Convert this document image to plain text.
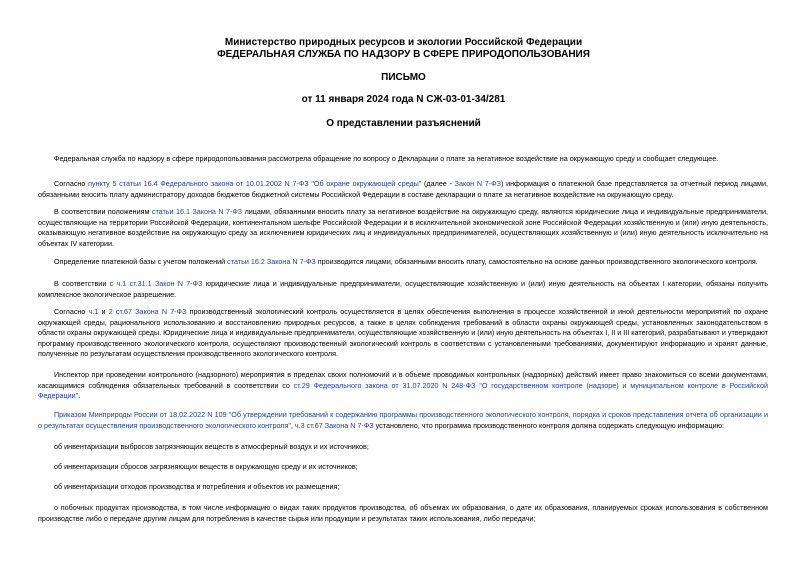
Министерство природных ресурсов и экологии Российской Федерации
ФЕДЕРАЛЬНАЯ СЛУЖБА ПО НАДЗОРУ В СФЕРЕ ПРИРОДОПОЛЬЗОВАНИЯ
ПИСЬМО
от 11 января 2024 года N СЖ-03-01-34/281
О представлении разъяснений

Федеральная служба по надзору в сфере природопользования рассмотрела обращение по вопросу о Декларации о плате за негативное воздействие на окружающую среду и сообщает следующее.

Согласно пункту 5 статьи 16.4 Федерального закона от 10.01.2002 N 7-ФЗ "Об охране окружающей среды" (далее - Закон N 7-ФЗ) информация о платежной базе представляется за отчетный период лицами, обязанными вносить плату администратору доходов бюджетов бюджетной системы Российской Федерации в составе декларации о плате за негативное воздействие на окружающую среду.

В соответствии положениям статьи 16.1 Закона N 7-ФЗ лицами, обязанными вносить плату за негативное воздействие на окружающую среду, являются юридические лица и индивидуальные предприниматели, осуществляющие на территории Российской Федерации, континентальном шельфе Российской Федерации и в исключительной экономической зоне Российской Федерации хозяйственную и (или) иную деятельность, оказывающую негативное воздействие на окружающую среду за исключением юридических лиц и индивидуальных предпринимателей, осуществляющих хозяйственную и (или) иную деятельность исключительно на объектах IV категории.

Определение платежной базы с учетом положений статьи 16.2 Закона N 7-ФЗ производится лицами, обязанными вносить плату, самостоятельно на основе данных производственного экологического контроля.

В соответствии с ч.1 ст.31.1 Закон N 7-ФЗ юридические лица и индивидуальные предприниматели, осуществляющие хозяйственную и (или) иную деятельность на объектах I категории, обязаны получить комплексное экологическое разрешение.

Согласно ч.1 и 2 ст.67 Закона N 7-ФЗ производственный экологический контроль осуществляется в целях обеспечения выполнения в процессе хозяйственной и иной деятельности мероприятий по охране окружающей среды, рационального использованию и восстановлению природных ресурсов, а также в целях соблюдения требований в области охраны окружающей среды, установленных законодательством в области охраны окружающей среды. Юридические лица и индивидуальные предприниматели, осуществляющие хозяйственную и (или) иную деятельность на объектах I, II и III категорий, разрабатывают и утверждают программу производственного экологического контроля, осуществляют производственный экологический контроль в соответствии с установленными требованиями, документируют информацию и хранят данные, полученные по результатам осуществления производственного экологического контроля.

Инспектор при проведении контрольного (надзорного) мероприятия в пределах своих полномочий и в объеме проводимых контрольных (надзорных) действий имеет право знакомиться со всеми документами, касающимися соблюдения обязательных требований в соответствии со ст.29 Федерального закона от 31.07.2020 N 248-ФЗ "О государственном контроле (надзоре) и муниципальном контроле в Российской Федерации".

Приказом Минприроды России от 18.02.2022 N 109 "Об утверждении требований к содержанию программы производственного экологического контроля, порядка и сроков представления отчета об организации и о результатах осуществления производственного экологического контроля", ч.3 ст.67 Закона N 7-ФЗ установлено, что программа производственного контроля должна содержать следующую информацию:

об инвентаризации выбросов загрязняющих веществ в атмосферный воздух и их источников;

об инвентаризации сбросов загрязняющих веществ в окружающую среду и их источников;

об инвентаризации отходов производства и потребления и объектов их размещения;

о побочных продуктах производства, в том числе информацию о видах таких продуктов производства, об объемах их образования, о дате их образования, планируемых сроках использования в собственном производстве либо о передаче другим лицам для потребления в качестве сырья или продукции и результатах таких использования, либо передачи;
